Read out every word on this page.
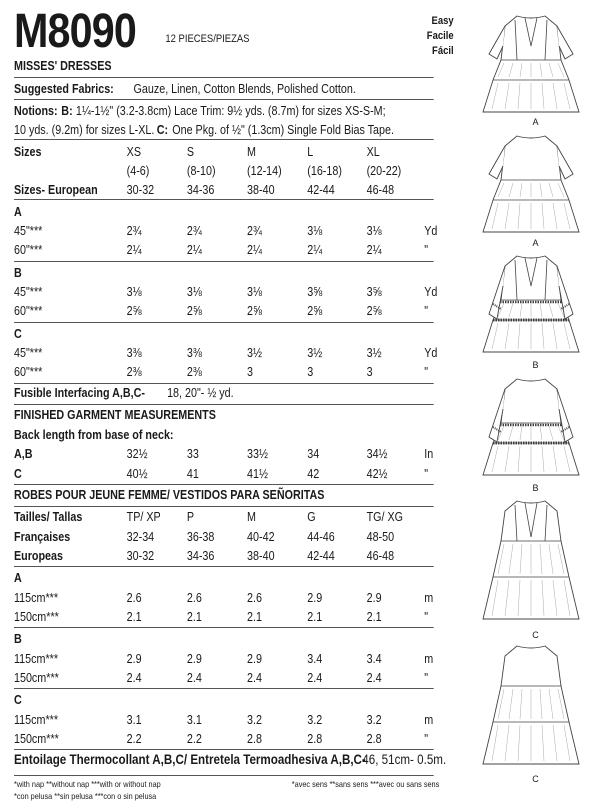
M8090	12 PIECES/PIEZAS
Easy
Facile
Fácil
MISSES' DRESSES
Suggested Fabrics: Gauze, Linen, Cotton Blends, Polished Cotton.
Notions: B: 1¼-1½" (3.2-3.8cm) Lace Trim: 9½ yds. (8.7m) for sizes XS-S-M;
10 yds. (9.2m) for sizes L-XL. C: One Pkg. of ½" (1.3cm) Single Fold Bias Tape.
Sizes	XS	S	M	L	XL
(4-6)	(8-10)	(12-14) (16-18) (20-22)
Sizes- European 30-32	34-36	38-40	42-44	46-48
A
45"***	2¾	2¾	2¾	3⅛	3⅛	Yd
60"***	2¼	2¼	2¼	2¼	2¼	"
B
45"***	3⅛	3⅛	3⅛	3⅝	3⅝	Yd
60"***	2⅝	2⅝	2⅝	2⅝	2⅝	"
C
45"***	3⅜	3⅜	3½	3½	3½	Yd
60"***	2⅜	2⅜	3	3	3	"
Fusible Interfacing A,B,C- 18, 20"- ½ yd.
FINISHED GARMENT MEASUREMENTS
Back length from base of neck:
A,B	32½	33	33½	34	34½	In
C	40½	41	41½	42	42½	"
ROBES POUR JEUNE FEMME/ VESTIDOS PARA SEÑORITAS
Tailles/ Tallas	TP/ XP P	M	G	TG/ XG
Françaises	32-34	36-38	40-42	44-46	48-50
Europeas	30-32	34-36	38-40	42-44	46-48
A
115cm***	2.6	2.6	2.6	2.9	2.9	m
150cm***	2.1	2.1	2.1	2.1	2.1	"
B
115cm***	2.9	2.9	2.9	3.4	3.4	m
150cm***	2.4	2.4	2.4	2.4	2.4	"
C
115cm***	3.1	3.1	3.2	3.2	3.2	m
150cm***	2.2	2.2	2.8	2.8	2.8	"
Entoilage Thermocollant A,B,C/ Entretela Termoadhesiva A,B,C-
46, 51cm- 0.5m.
*with nap **without nap ***with or without nap
*con pelusa **sin pelusa ***con o sin pelusa
*avec sens **sans sens ***avec ou sans sens
A
A
B
B
C
C
